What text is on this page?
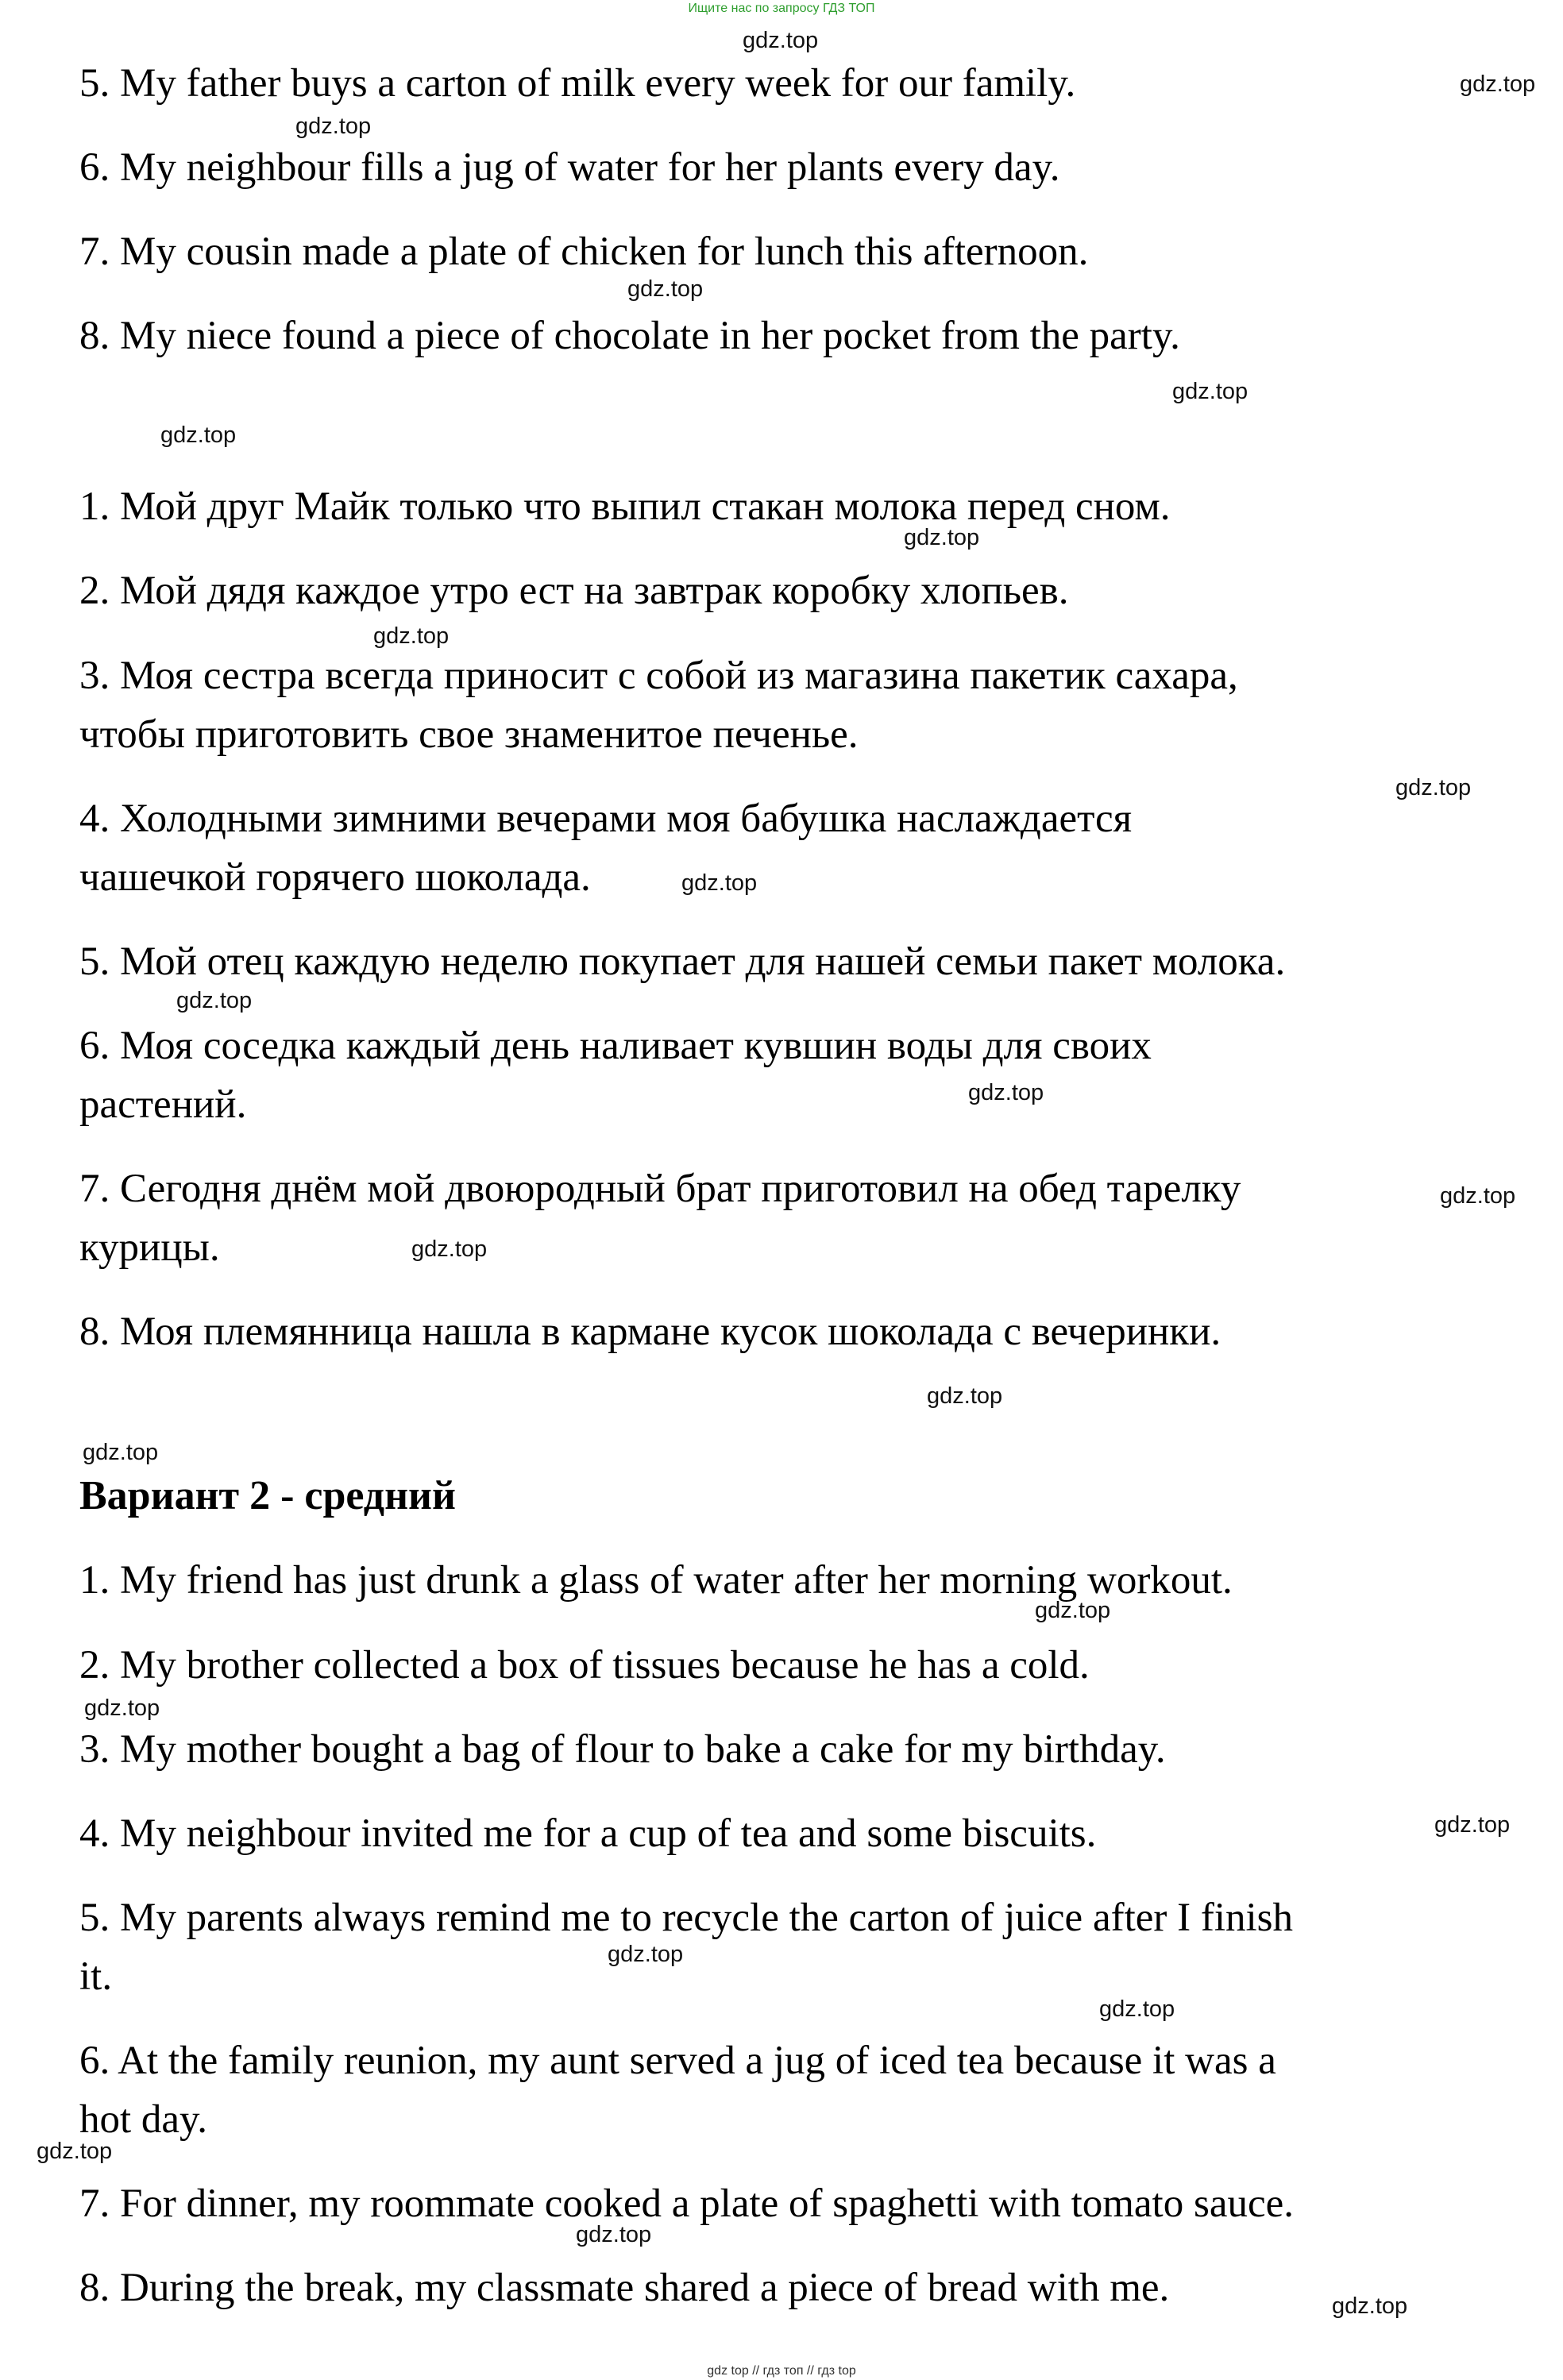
Ищите нас по запросу ГДЗ ТОП

5. My father buys a carton of milk every week for our family.

6. My neighbour fills a jug of water for her plants every day.

7. My cousin made a plate of chicken for lunch this afternoon.

8. My niece found a piece of chocolate in her pocket from the party.

1. Мой друг Майк только что выпил стакан молока перед сном.

2. Мой дядя каждое утро ест на завтрак коробку хлопьев.

3. Моя сестра всегда приносит с собой из магазина пакетик сахара,

чтобы приготовить свое знаменитое печенье.

4. Холодными зимними вечерами моя бабушка наслаждается

чашечкой горячего шоколада.

5. Мой отец каждую неделю покупает для нашей семьи пакет молока.

6. Моя соседка каждый день наливает кувшин воды для своих

растений.

7. Сегодня днём мой двоюродный брат приготовил на обед тарелку

курицы.

8. Моя племянница нашла в кармане кусок шоколада с вечеринки.

Вариант 2 - средний

1. My friend has just drunk a glass of water after her morning workout.

2. My brother collected a box of tissues because he has a cold.

3. My mother bought a bag of flour to bake a cake for my birthday.

4. My neighbour invited me for a cup of tea and some biscuits.

5. My parents always remind me to recycle the carton of juice after I finish

it.

6. At the family reunion, my aunt served a jug of iced tea because it was a

hot day.

7. For dinner, my roommate cooked a plate of spaghetti with tomato sauce.

8. During the break, my classmate shared a piece of bread with me.

gdz.top
gdz.top
gdz.top
gdz.top
gdz.top
gdz.top
gdz.top
gdz.top
gdz.top
gdz.top
gdz.top
gdz.top
gdz.top
gdz.top
gdz.top
gdz.top
gdz.top
gdz.top
gdz.top
gdz.top
gdz.top
gdz.top
gdz.top
gdz.top
gdz top // гдз топ // гдз top
